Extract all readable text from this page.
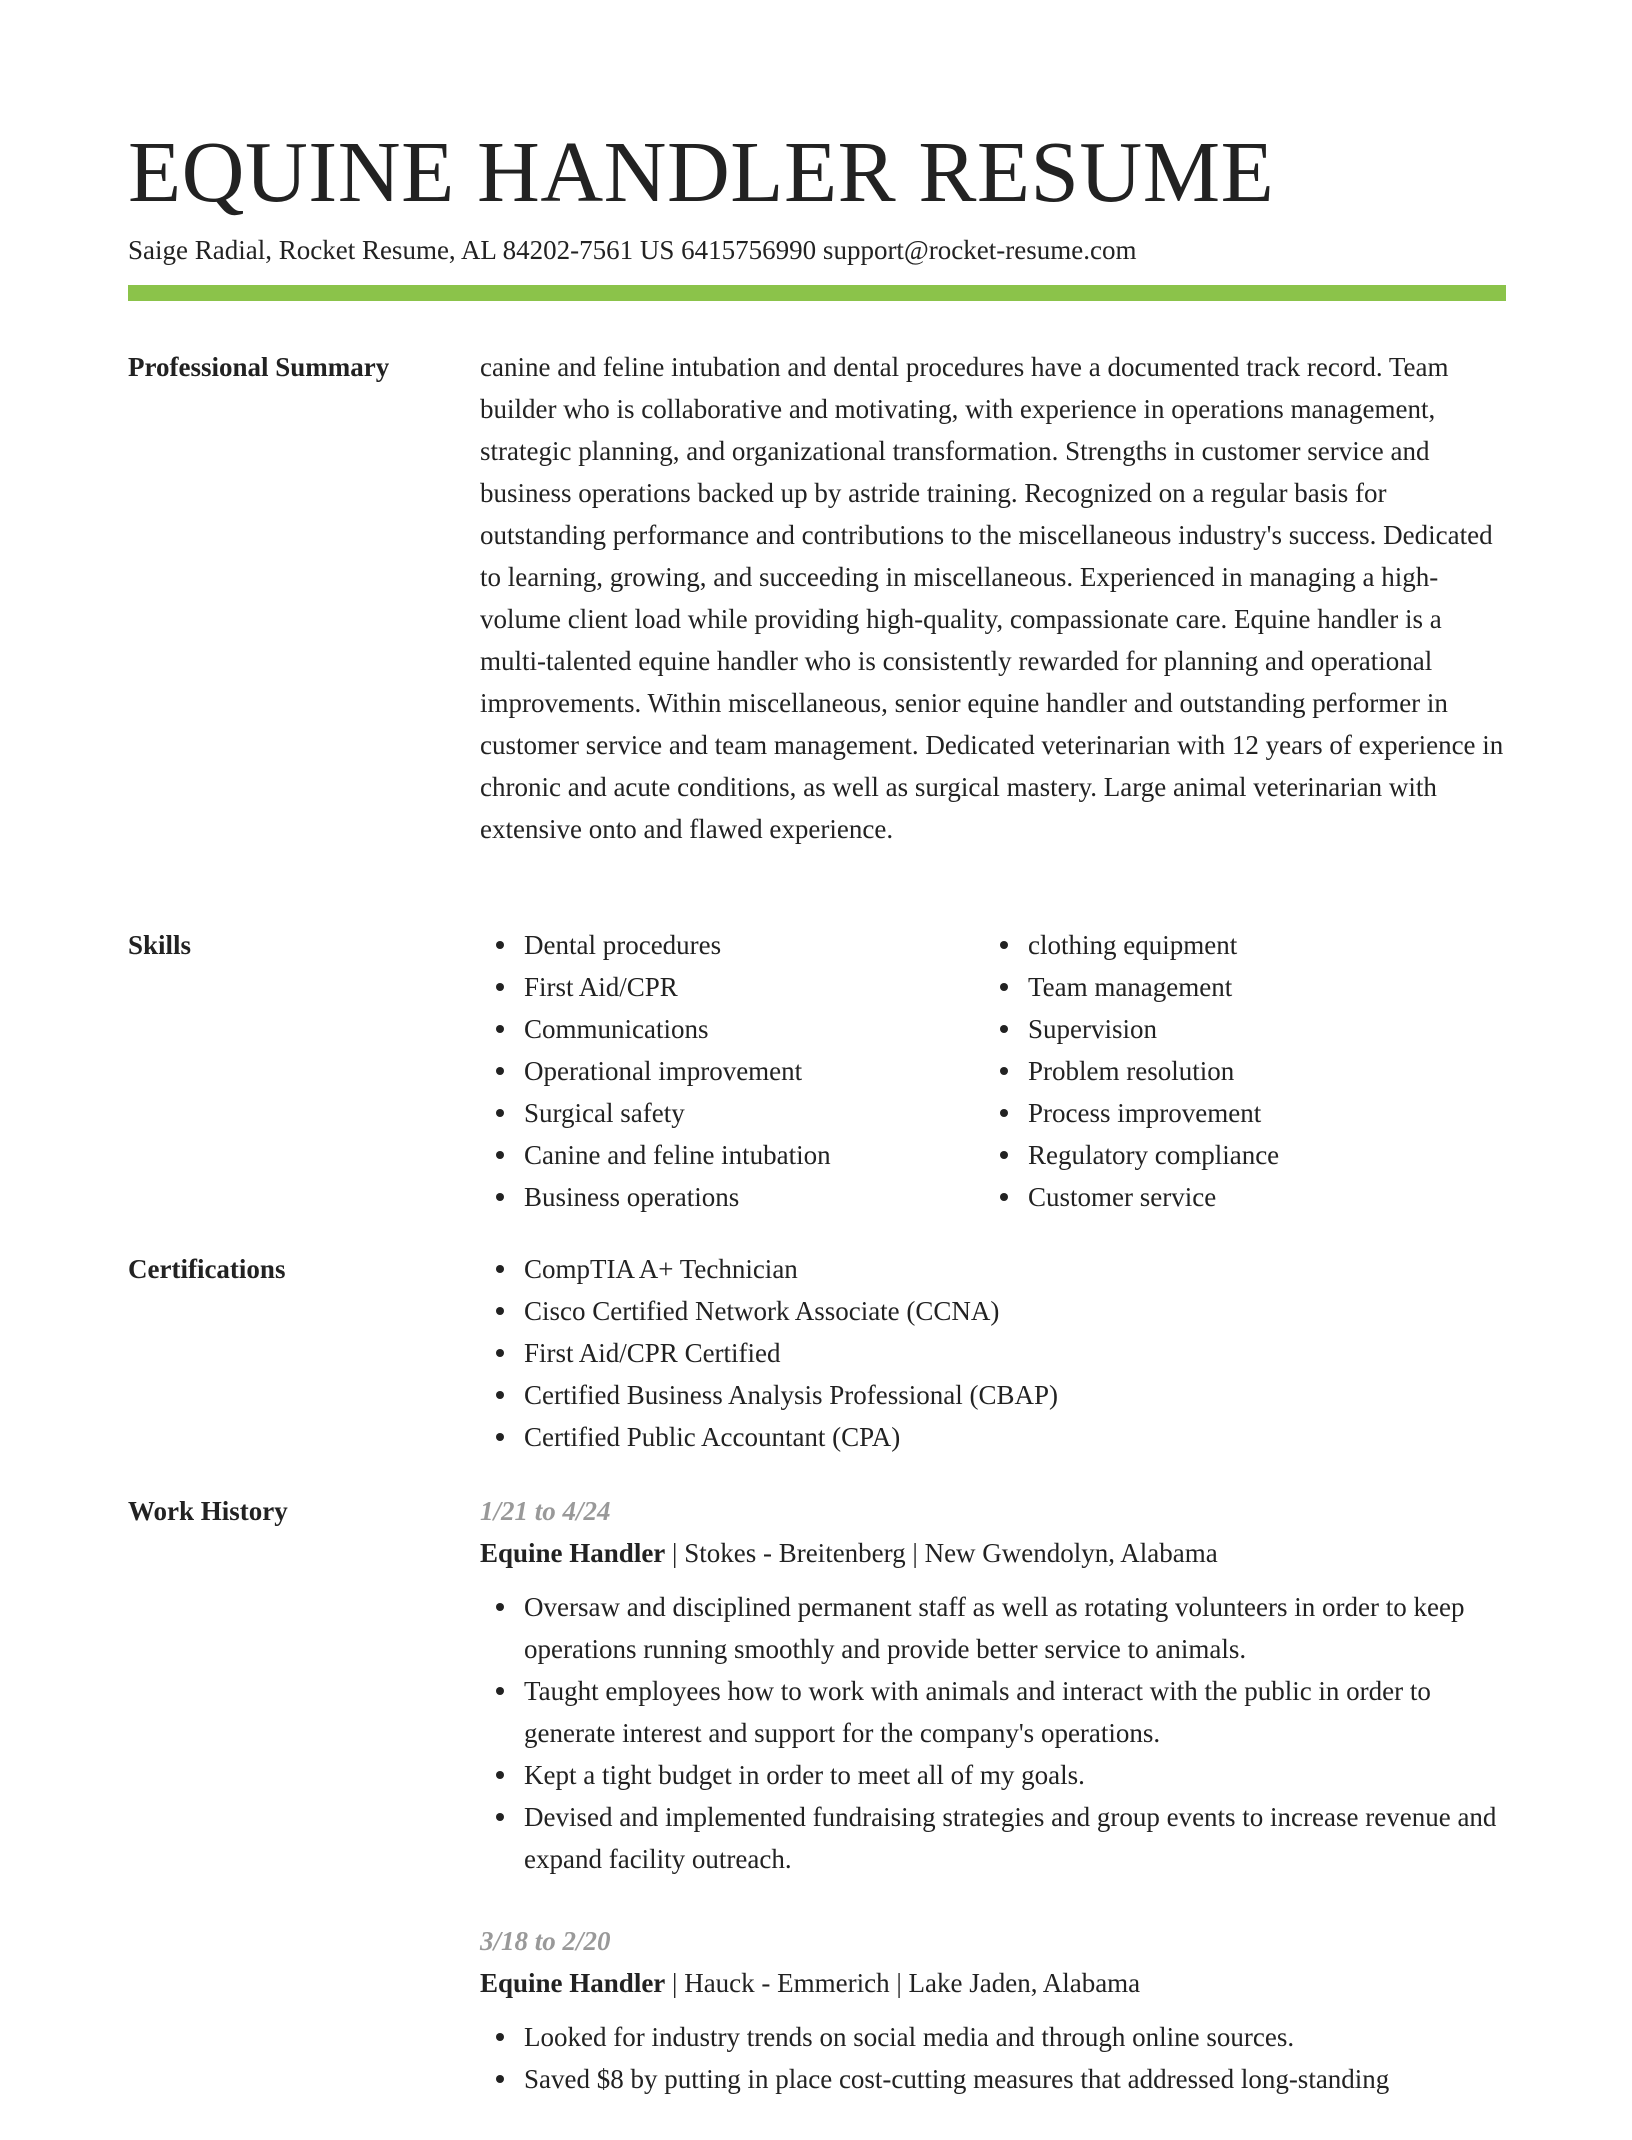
EQUINE HANDLER RESUME
Saige Radial, Rocket Resume, AL 84202-7561 US 6415756990 support@rocket-resume.com
Professional Summary	canine and feline intubation and dental procedures have a documented track record. Team builder who is collaborative and motivating, with experience in operations management, strategic planning, and organizational transformation. Strengths in customer service and business operations backed up by astride training. Recognized on a regular basis for outstanding performance and contributions to the miscellaneous industry's success. Dedicated to learning, growing, and succeeding in miscellaneous. Experienced in managing a high-volume client load while providing high-quality, compassionate care. Equine handler is a multi-talented equine handler who is consistently rewarded for planning and operational improvements. Within miscellaneous, senior equine handler and outstanding performer in customer service and team management. Dedicated veterinarian with 12 years of experience in chronic and acute conditions, as well as surgical mastery. Large animal veterinarian with extensive onto and flawed experience.

Skills	Dental procedures
First Aid/CPR
Communications
Operational improvement
Surgical safety
Canine and feline intubation
Business operations
clothing equipment
Team management
Supervision
Problem resolution
Process improvement
Regulatory compliance
Customer service
Certifications	CompTIA A+ Technician
Cisco Certified Network Associate (CCNA)
First Aid/CPR Certified
Certified Business Analysis Professional (CBAP)
Certified Public Accountant (CPA)
Work History	1/21 to 4/24
Equine Handler | Stokes - Breitenberg | New Gwendolyn, Alabama
Oversaw and disciplined permanent staff as well as rotating volunteers in order to keep operations running smoothly and provide better service to animals.
Taught employees how to work with animals and interact with the public in order to generate interest and support for the company's operations.
Kept a tight budget in order to meet all of my goals.
Devised and implemented fundraising strategies and group events to increase revenue and expand facility outreach.
3/18 to 2/20
Equine Handler | Hauck - Emmerich | Lake Jaden, Alabama
Looked for industry trends on social media and through online sources.
Saved $8 by putting in place cost-cutting measures that addressed long-standing
